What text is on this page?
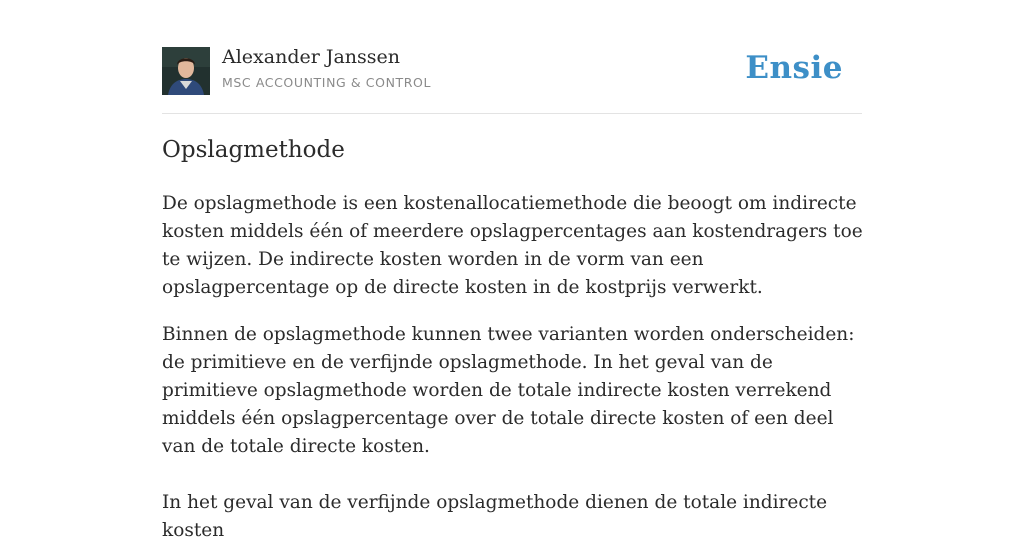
Alexander Janssen
MSC ACCOUNTING & CONTROL	Ensie
Opslagmethode

De opslagmethode is een kostenallocatiemethode die beoogt om indirecte kosten middels één of meerdere opslagpercentages aan kostendragers toe te wijzen. De indirecte kosten worden in de vorm van een opslagpercentage op de directe kosten in de kostprijs verwerkt.

Binnen de opslagmethode kunnen twee varianten worden onderscheiden: de primitieve en de verfijnde opslagmethode. In het geval van de primitieve opslagmethode worden de totale indirecte kosten verrekend middels één opslagpercentage over de totale directe kosten of een deel van de totale directe kosten.

In het geval van de verfijnde opslagmethode dienen de totale indirecte kosten
